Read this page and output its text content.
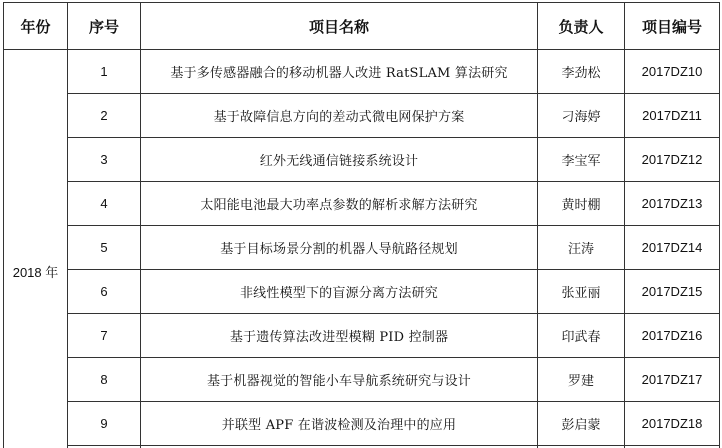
年份	序号	项目名称	负责人	项目编号
2018 年	1	基于多传感器融合的移动机器人改进 RatSLAM 算法研究	李劲松	2017DZ10
	2	基于故障信息方向的差动式微电网保护方案	刁海婷	2017DZ11
	3	红外无线通信链接系统设计	李宝军	2017DZ12
	4	太阳能电池最大功率点参数的解析求解方法研究	黄时棚	2017DZ13
	5	基于目标场景分割的机器人导航路径规划	汪涛	2017DZ14
	6	非线性模型下的盲源分离方法研究	张亚丽	2017DZ15
	7	基于遗传算法改进型模糊 PID 控制器	印武春	2017DZ16
	8	基于机器视觉的智能小车导航系统研究与设计	罗建	2017DZ17
	9	并联型 APF 在谐波检测及治理中的应用	彭启蒙	2017DZ18
